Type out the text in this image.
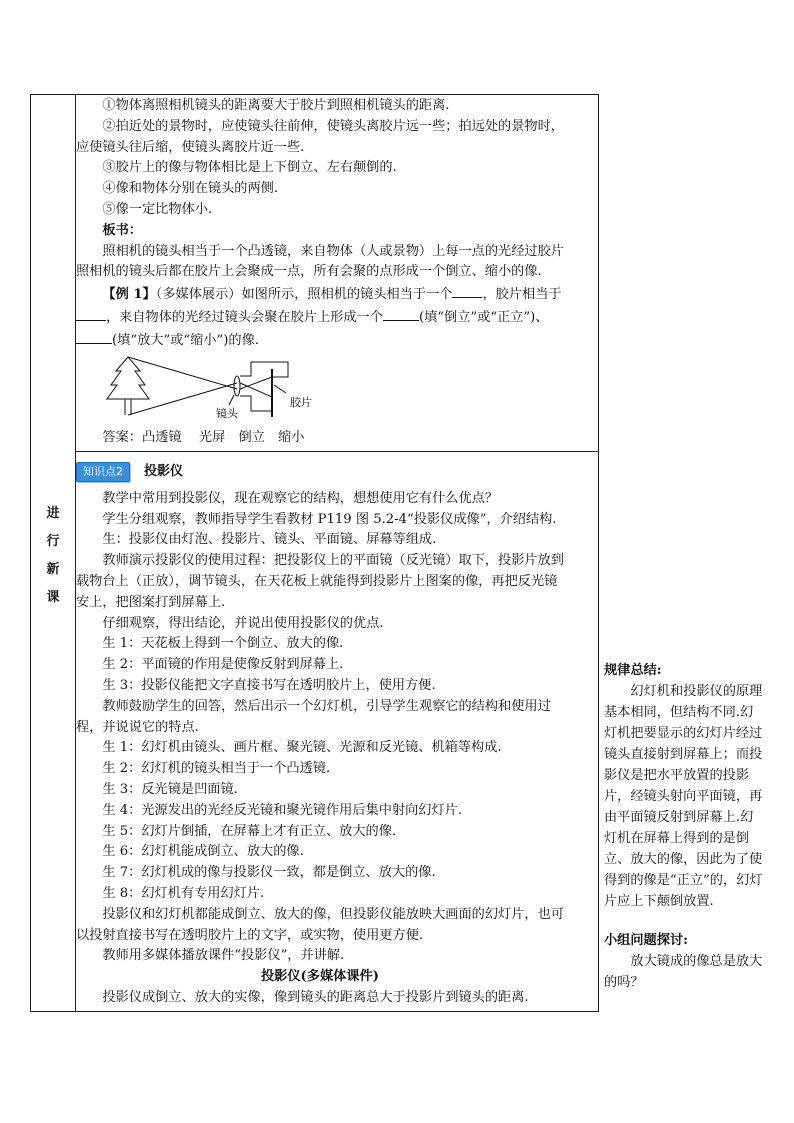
进
行
新
课

①物体离照相机镜头的距离要大于胶片到照相机镜头的距离.

②拍近处的景物时，应使镜头往前伸，使镜头离胶片远一些；拍远处的景物时，应使镜头往后缩，使镜头离胶片近一些.

③胶片上的像与物体相比是上下倒立、左右颠倒的.

④像和物体分别在镜头的两侧.

⑤像一定比物体小.

板书：

照相机的镜头相当于一个凸透镜，来自物体（人或景物）上每一点的光经过胶片照相机的镜头后都在胶片上会聚成一点，所有会聚的点形成一个倒立、缩小的像.

【例 1】（多媒体展示）如图所示，照相机的镜头相当于一个 ，胶片相当于，来自物体的光经过镜头会聚在胶片上形成一个	(填“倒立”或“正立”)、(填“放大”或“缩小”)的像.

镜头
胶片

答案：凸透镜　 光屏　倒立　缩小

知识点2 投影仪

教学中常用到投影仪，现在观察它的结构，想想使用它有什么优点？

学生分组观察，教师指导学生看教材 P119 图 5.2-4“投影仪成像”，介绍结构.

生：投影仪由灯泡、投影片、镜头、平面镜、屏幕等组成.

教师演示投影仪的使用过程：把投影仪上的平面镜（反光镜）取下，投影片放到载物台上（正放），调节镜头，在天花板上就能得到投影片上图案的像，再把反光镜安上，把图案打到屏幕上.

仔细观察，得出结论，并说出使用投影仪的优点.

生 1：天花板上得到一个倒立、放大的像.

生 2：平面镜的作用是使像反射到屏幕上.

生 3：投影仪能把文字直接书写在透明胶片上，使用方便.

教师鼓励学生的回答，然后出示一个幻灯机，引导学生观察它的结构和使用过程，并说说它的特点.

生 1：幻灯机由镜头、画片框、聚光镜、光源和反光镜、机箱等构成.

生 2：幻灯机的镜头相当于一个凸透镜.

生 3：反光镜是凹面镜.

生 4：光源发出的光经反光镜和聚光镜作用后集中射向幻灯片.

生 5：幻灯片倒插，在屏幕上才有正立、放大的像.

生 6：幻灯机能成倒立、放大的像.

生 7：幻灯机成的像与投影仪一致，都是倒立、放大的像.

生 8：幻灯机有专用幻灯片.

投影仪和幻灯机都能成倒立、放大的像，但投影仪能放映大画面的幻灯片，也可以投射直接书写在透明胶片上的文字，或实物，使用更方便.

教师用多媒体播放课件“投影仪”，并讲解.

投影仪(多媒体课件)

投影仪成倒立、放大的实像，像到镜头的距离总大于投影片到镜头的距离.

规律总结:

幻灯机和投影仪的原理基本相同，但结构不同.幻灯机把要显示的幻灯片经过镜头直接射到屏幕上；而投影仪是把水平放置的投影片，经镜头射向平面镜，再由平面镜反射到屏幕上.幻灯机在屏幕上得到的是倒立、放大的像，因此为了使得到的像是“正立”的，幻灯片应上下颠倒放置.

小组问题探讨:

放大镜成的像总是放大的吗？
